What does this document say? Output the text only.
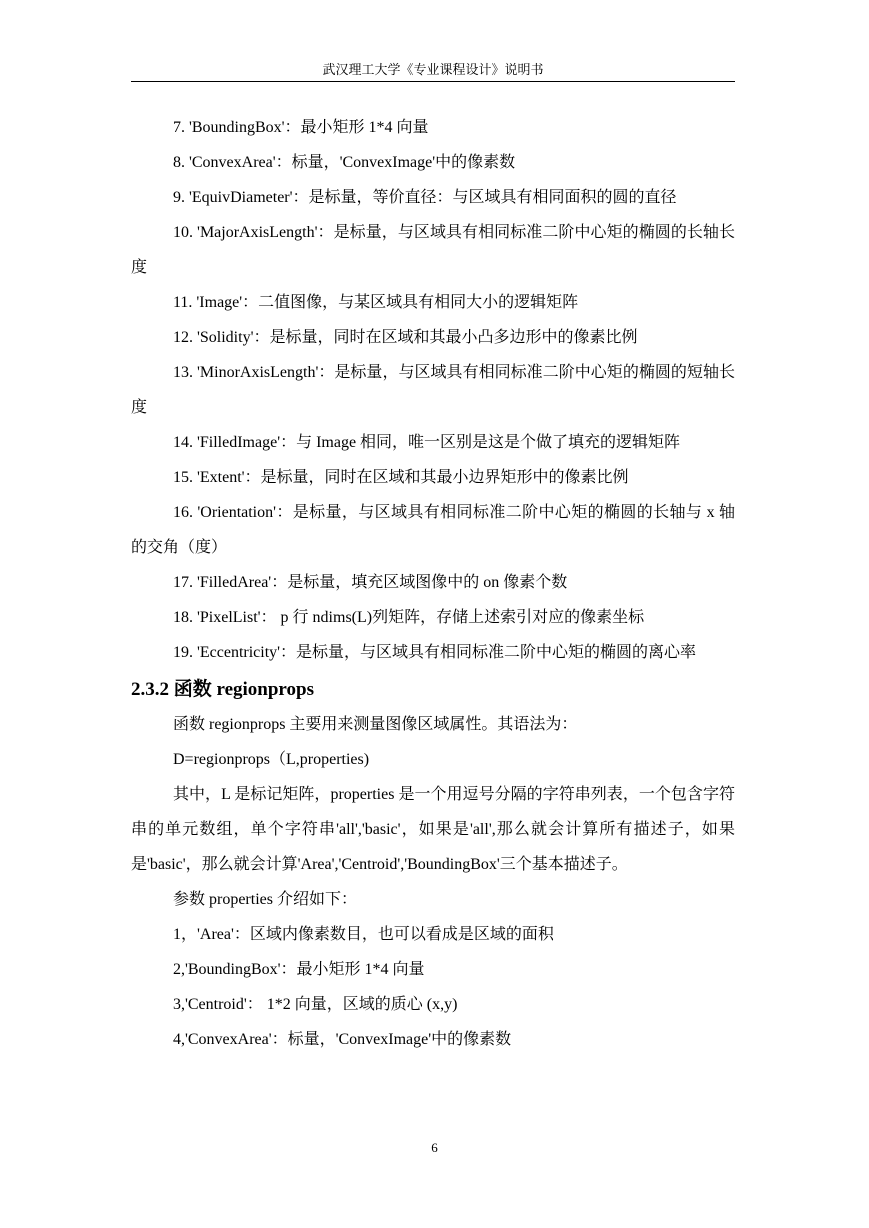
武汉理工大学《专业课程设计》说明书

7. 'BoundingBox'：最小矩形 1*4 向量

8. 'ConvexArea'：标量，'ConvexImage'中的像素数

9. 'EquivDiameter'：是标量，等价直径：与区域具有相同面积的圆的直径

10. 'MajorAxisLength'：是标量，与区域具有相同标准二阶中心矩的椭圆的长轴长度

11. 'Image'：二值图像，与某区域具有相同大小的逻辑矩阵

12. 'Solidity'：是标量，同时在区域和其最小凸多边形中的像素比例

13. 'MinorAxisLength'：是标量，与区域具有相同标准二阶中心矩的椭圆的短轴长度

14. 'FilledImage'：与 Image 相同，唯一区别是这是个做了填充的逻辑矩阵

15. 'Extent'：是标量，同时在区域和其最小边界矩形中的像素比例

16. 'Orientation'：是标量，与区域具有相同标准二阶中心矩的椭圆的长轴与 x 轴的交角（度）

17. 'FilledArea'：是标量，填充区域图像中的 on 像素个数

18. 'PixelList'： p 行 ndims(L)列矩阵，存储上述索引对应的像素坐标

19. 'Eccentricity'：是标量，与区域具有相同标准二阶中心矩的椭圆的离心率

2.3.2 函数 regionprops

函数 regionprops 主要用来测量图像区域属性。其语法为：

D=regionprops（L,properties)

其中，L 是标记矩阵，properties 是一个用逗号分隔的字符串列表，一个包含字符串的单元数组，单个字符串'all','basic'，如果是'all',那么就会计算所有描述子，如果是'basic'，那么就会计算'Area','Centroid','BoundingBox'三个基本描述子。

参数 properties 介绍如下：

1，'Area'：区域内像素数目，也可以看成是区域的面积

2,'BoundingBox'：最小矩形 1*4 向量

3,'Centroid'： 1*2 向量，区域的质心 (x,y)

4,'ConvexArea'：标量，'ConvexImage'中的像素数

6
